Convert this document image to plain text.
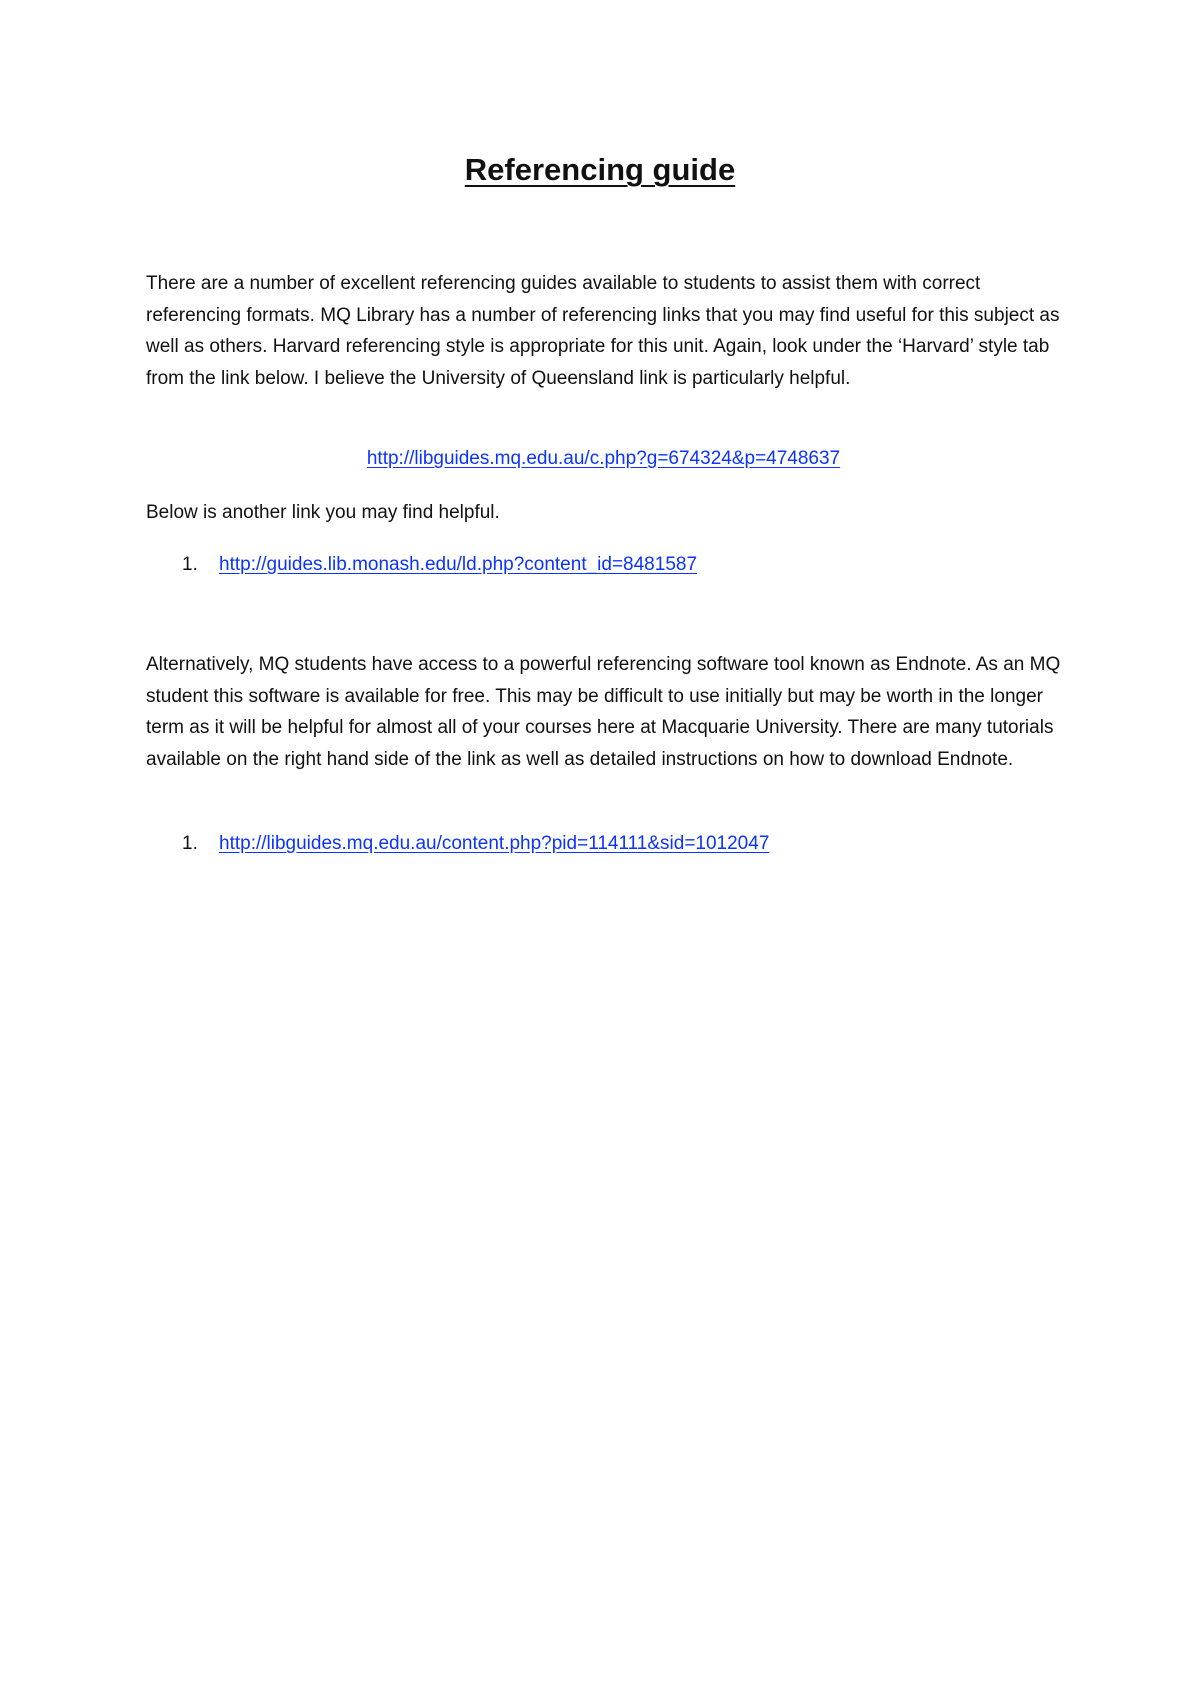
Referencing guide

There are a number of excellent referencing guides available to students to assist them with correct referencing formats. MQ Library has a number of referencing links that you may find useful for this subject as well as others. Harvard referencing style is appropriate for this unit. Again, look under the ‘Harvard’ style tab from the link below. I believe the University of Queensland link is particularly helpful.

http://libguides.mq.edu.au/c.php?g=674324&p=4748637

Below is another link you may find helpful.

1. http://guides.lib.monash.edu/ld.php?content_id=8481587

Alternatively, MQ students have access to a powerful referencing software tool known as Endnote. As an MQ student this software is available for free. This may be difficult to use initially but may be worth in the longer term as it will be helpful for almost all of your courses here at Macquarie University. There are many tutorials available on the right hand side of the link as well as detailed instructions on how to download Endnote.

1. http://libguides.mq.edu.au/content.php?pid=114111&sid=1012047
